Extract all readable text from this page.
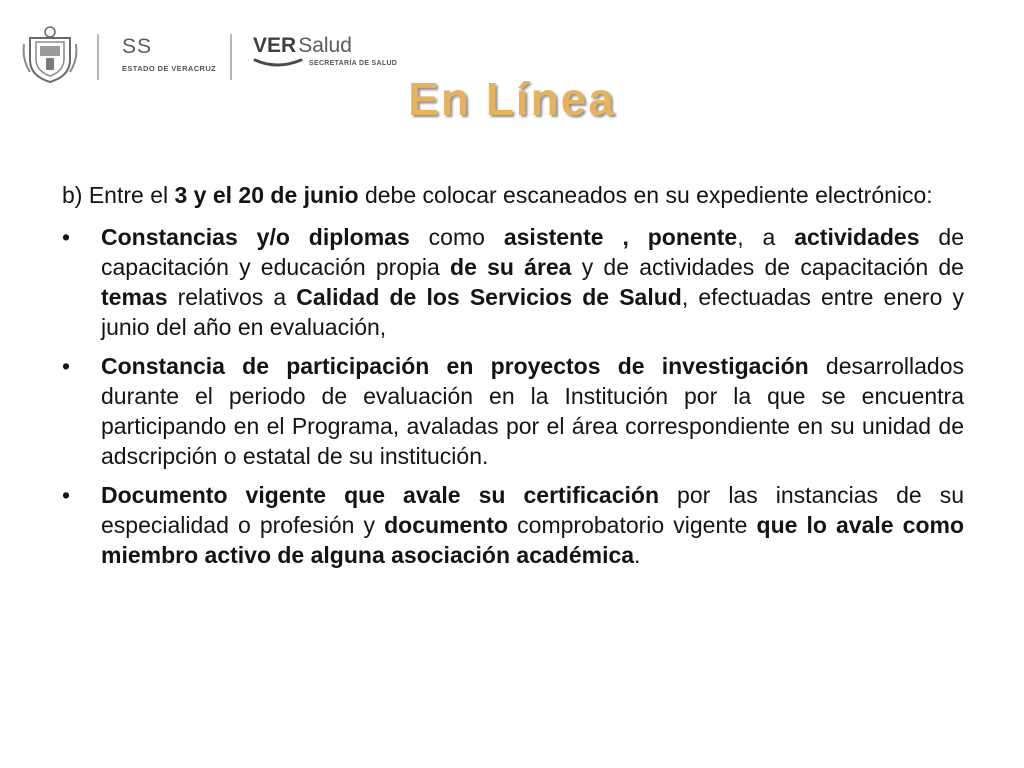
SS
ESTADO DE VERACRUZ
VERSalud
SECRETARÍA DE SALUD
En Línea

b) Entre el 3 y el 20 de junio debe colocar escaneados en su expediente electrónico:

• Constancias y/o diplomas como asistente , ponente, a actividades de capacitación y educación propia de su área y de actividades de capacitación de temas relativos a Calidad de los Servicios de Salud, efectuadas entre enero y junio del año en evaluación,
• Constancia de participación en proyectos de investigación desarrollados durante el periodo de evaluación en la Institución por la que se encuentra participando en el Programa, avaladas por el área correspondiente en su unidad de adscripción o estatal de su institución.
• Documento vigente que avale su certificación por las instancias de su especialidad o profesión y documento comprobatorio vigente que lo avale como miembro activo de alguna asociación académica.
